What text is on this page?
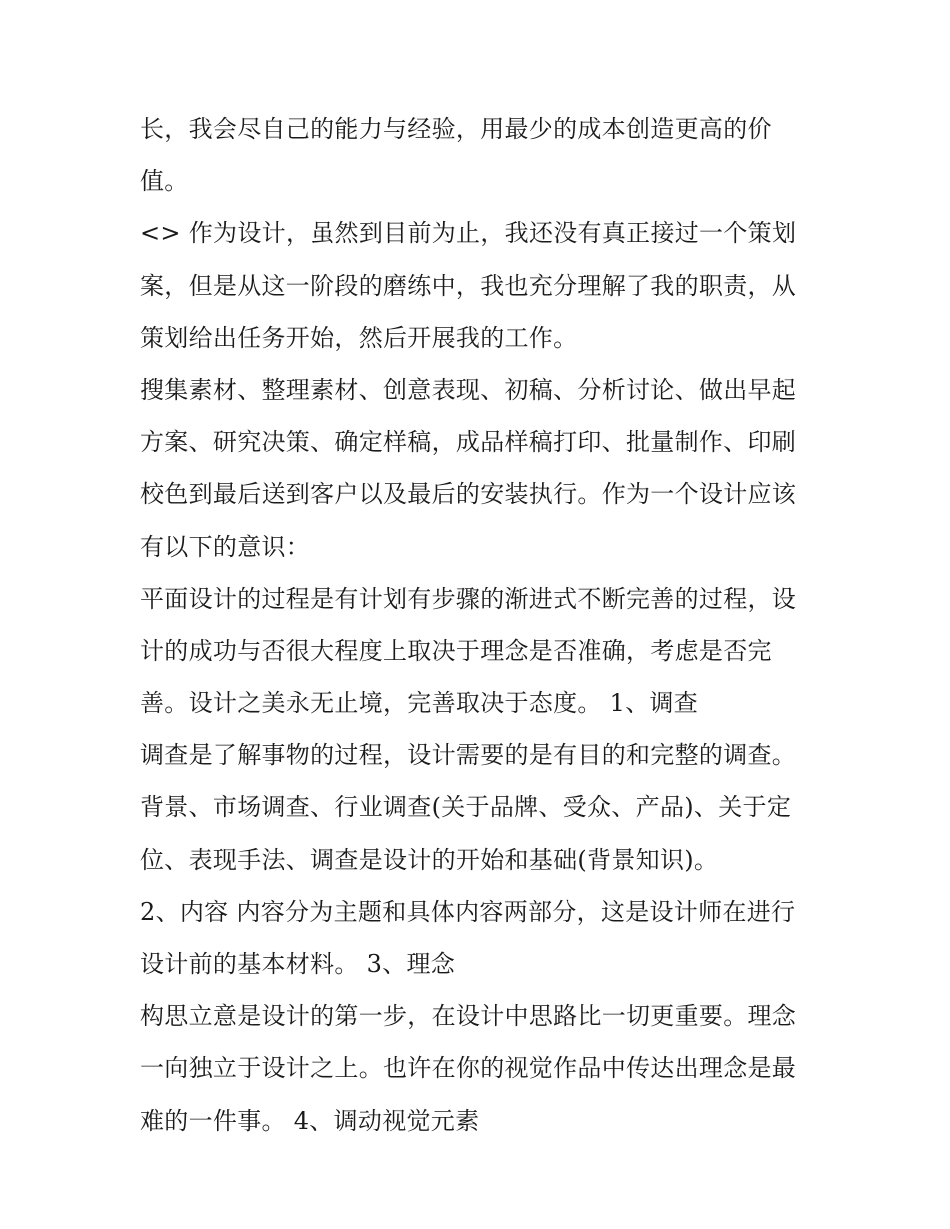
长，我会尽自己的能力与经验，用最少的成本创造更高的价
值。
<> 作为设计，虽然到目前为止，我还没有真正接过一个策划
案，但是从这一阶段的磨练中，我也充分理解了我的职责，从
策划给出任务开始，然后开展我的工作。
搜集素材、整理素材、创意表现、初稿、分析讨论、做出早起
方案、研究决策、确定样稿，成品样稿打印、批量制作、印刷
校色到最后送到客户以及最后的安装执行。作为一个设计应该
有以下的意识：
平面设计的过程是有计划有步骤的渐进式不断完善的过程，设
计的成功与否很大程度上取决于理念是否准确，考虑是否完
善。设计之美永无止境，完善取决于态度。 1、调查
调查是了解事物的过程，设计需要的是有目的和完整的调查。
背景、市场调查、行业调查(关于品牌、受众、产品)、关于定
位、表现手法、调查是设计的开始和基础(背景知识)。
2、内容 内容分为主题和具体内容两部分，这是设计师在进行
设计前的基本材料。 3、理念
构思立意是设计的第一步，在设计中思路比一切更重要。理念
一向独立于设计之上。也许在你的视觉作品中传达出理念是最
难的一件事。 4、调动视觉元素
